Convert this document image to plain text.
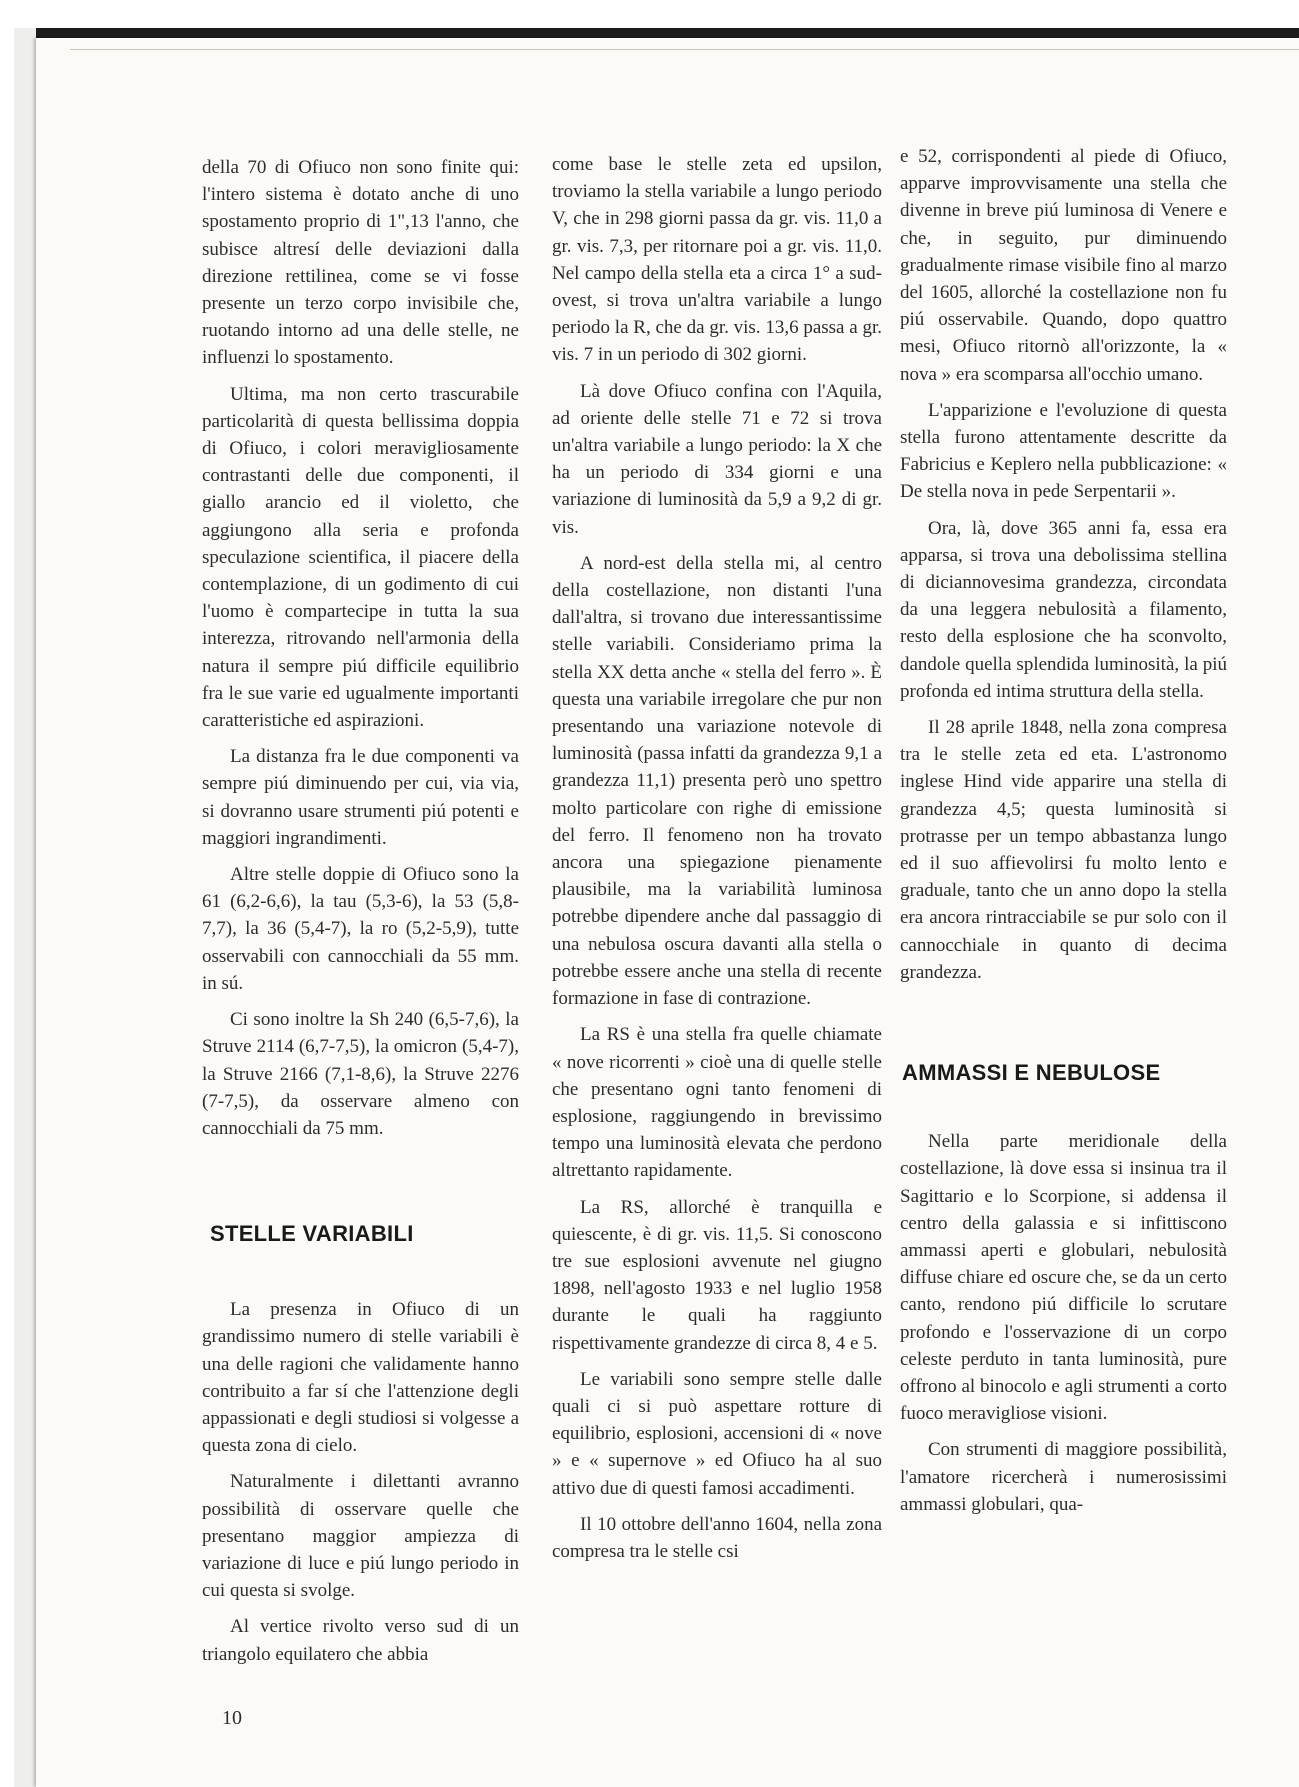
della 70 di Ofiuco non sono finite qui: l'intero sistema è dotato anche di uno spostamento proprio di 1",13 l'anno, che subisce altresí delle deviazioni dalla direzione rettilinea, come se vi fosse presente un terzo corpo invisibile che, ruotando intorno ad una delle stelle, ne influenzi lo spostamento.

Ultima, ma non certo trascurabile particolarità di questa bellissima doppia di Ofiuco, i colori meravigliosamente contrastanti delle due componenti, il giallo arancio ed il violetto, che aggiungono alla seria e profonda speculazione scientifica, il piacere della contemplazione, di un godimento di cui l'uomo è compartecipe in tutta la sua interezza, ritrovando nell'armonia della natura il sempre piú difficile equilibrio fra le sue varie ed ugualmente importanti caratteristiche ed aspirazioni.

La distanza fra le due componenti va sempre piú diminuendo per cui, via via, si dovranno usare strumenti piú potenti e maggiori ingrandimenti.

Altre stelle doppie di Ofiuco sono la 61 (6,2-6,6), la tau (5,3-6), la 53 (5,8-7,7), la 36 (5,4-7), la ro (5,2-5,9), tutte osservabili con cannocchiali da 55 mm. in sú.

Ci sono inoltre la Sh 240 (6,5-7,6), la Struve 2114 (6,7-7,5), la omicron (5,4-7), la Struve 2166 (7,1-8,6), la Struve 2276 (7-7,5), da osservare almeno con cannocchiali da 75 mm.

STELLE VARIABILI

La presenza in Ofiuco di un grandissimo numero di stelle variabili è una delle ragioni che validamente hanno contribuito a far sí che l'attenzione degli appassionati e degli studiosi si volgesse a questa zona di cielo.

Naturalmente i dilettanti avranno possibilità di osservare quelle che presentano maggior ampiezza di variazione di luce e piú lungo periodo in cui questa si svolge.

Al vertice rivolto verso sud di un triangolo equilatero che abbia

come base le stelle zeta ed upsilon, troviamo la stella variabile a lungo periodo V, che in 298 giorni passa da gr. vis. 11,0 a gr. vis. 7,3, per ritornare poi a gr. vis. 11,0. Nel campo della stella eta a circa 1° a sud-ovest, si trova un'altra variabile a lungo periodo la R, che da gr. vis. 13,6 passa a gr. vis. 7 in un periodo di 302 giorni.

Là dove Ofiuco confina con l'Aquila, ad oriente delle stelle 71 e 72 si trova un'altra variabile a lungo periodo: la X che ha un periodo di 334 giorni e una variazione di luminosità da 5,9 a 9,2 di gr. vis.

A nord-est della stella mi, al centro della costellazione, non distanti l'una dall'altra, si trovano due interessantissime stelle variabili. Consideriamo prima la stella XX detta anche « stella del ferro ». È questa una variabile irregolare che pur non presentando una variazione notevole di luminosità (passa infatti da grandezza 9,1 a grandezza 11,1) presenta però uno spettro molto particolare con righe di emissione del ferro. Il fenomeno non ha trovato ancora una spiegazione pienamente plausibile, ma la variabilità luminosa potrebbe dipendere anche dal passaggio di una nebulosa oscura davanti alla stella o potrebbe essere anche una stella di recente formazione in fase di contrazione.

La RS è una stella fra quelle chiamate « nove ricorrenti » cioè una di quelle stelle che presentano ogni tanto fenomeni di esplosione, raggiungendo in brevissimo tempo una luminosità elevata che perdono altrettanto rapidamente.

La RS, allorché è tranquilla e quiescente, è di gr. vis. 11,5. Si conoscono tre sue esplosioni avvenute nel giugno 1898, nell'agosto 1933 e nel luglio 1958 durante le quali ha raggiunto rispettivamente grandezze di circa 8, 4 e 5.

Le variabili sono sempre stelle dalle quali ci si può aspettare rotture di equilibrio, esplosioni, accensioni di « nove » e « supernove » ed Ofiuco ha al suo attivo due di questi famosi accadimenti.

Il 10 ottobre dell'anno 1604, nella zona compresa tra le stelle csi

e 52, corrispondenti al piede di Ofiuco, apparve improvvisamente una stella che divenne in breve piú luminosa di Venere e che, in seguito, pur diminuendo gradualmente rimase visibile fino al marzo del 1605, allorché la costellazione non fu piú osservabile. Quando, dopo quattro mesi, Ofiuco ritornò all'orizzonte, la « nova » era scomparsa all'occhio umano.

L'apparizione e l'evoluzione di questa stella furono attentamente descritte da Fabricius e Keplero nella pubblicazione: « De stella nova in pede Serpentarii ».

Ora, là, dove 365 anni fa, essa era apparsa, si trova una debolissima stellina di diciannovesima grandezza, circondata da una leggera nebulosità a filamento, resto della esplosione che ha sconvolto, dandole quella splendida luminosità, la piú profonda ed intima struttura della stella.

Il 28 aprile 1848, nella zona compresa tra le stelle zeta ed eta. L'astronomo inglese Hind vide apparire una stella di grandezza 4,5; questa luminosità si protrasse per un tempo abbastanza lungo ed il suo affievolirsi fu molto lento e graduale, tanto che un anno dopo la stella era ancora rintracciabile se pur solo con il cannocchiale in quanto di decima grandezza.

AMMASSI E NEBULOSE

Nella parte meridionale della costellazione, là dove essa si insinua tra il Sagittario e lo Scorpione, si addensa il centro della galassia e si infittiscono ammassi aperti e globulari, nebulosità diffuse chiare ed oscure che, se da un certo canto, rendono piú difficile lo scrutare profondo e l'osservazione di un corpo celeste perduto in tanta luminosità, pure offrono al binocolo e agli strumenti a corto fuoco meravigliose visioni.

Con strumenti di maggiore possibilità, l'amatore ricercherà i numerosissimi ammassi globulari, qua-

10
